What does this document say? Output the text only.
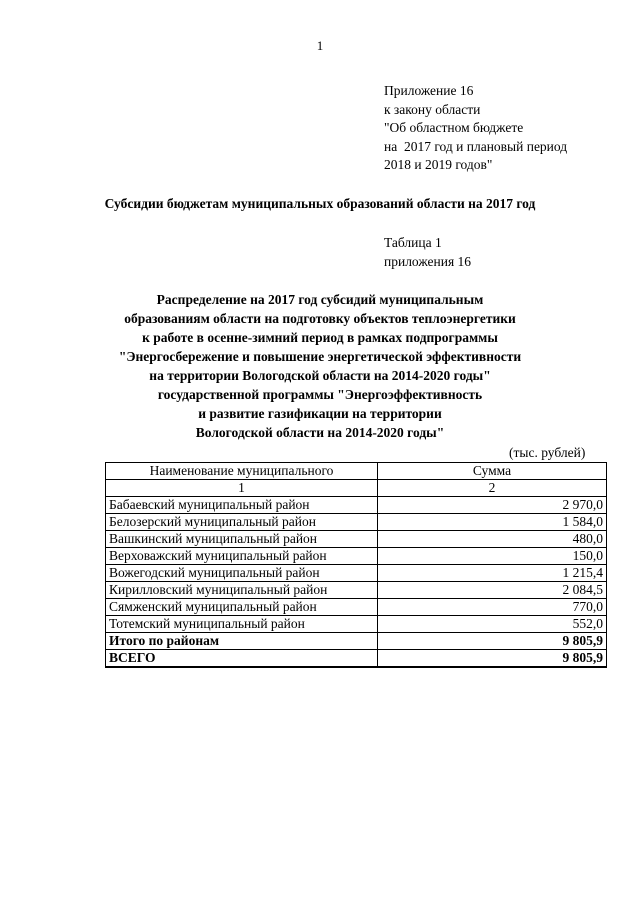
1
Приложение 16
к закону области
"Об областном бюджете
на  2017 год и плановый период
2018 и 2019 годов"
Субсидии бюджетам муниципальных образований области на 2017 год
Таблица 1
приложения 16
Распределение на 2017 год субсидий муниципальным
образованиям области на подготовку объектов теплоэнергетики
к работе в осенне-зимний период в рамках подпрограммы
"Энергосбережение и повышение энергетической эффективности
на территории Вологодской области на 2014-2020 годы"
государственной программы "Энергоэффективность
и развитие газификации на территории
Вологодской области на 2014-2020 годы"
(тыс. рублей)
Наименование муниципального	Сумма
1	2
Бабаевский муниципальный район	2 970,0
Белозерский муниципальный район	1 584,0
Вашкинский муниципальный район	480,0
Верховажский муниципальный район	150,0
Вожегодский муниципальный район	1 215,4
Кирилловский муниципальный район	2 084,5
Сямженский муниципальный район	770,0
Тотемский муниципальный район	552,0
Итого по районам	9 805,9
ВСЕГО	9 805,9
